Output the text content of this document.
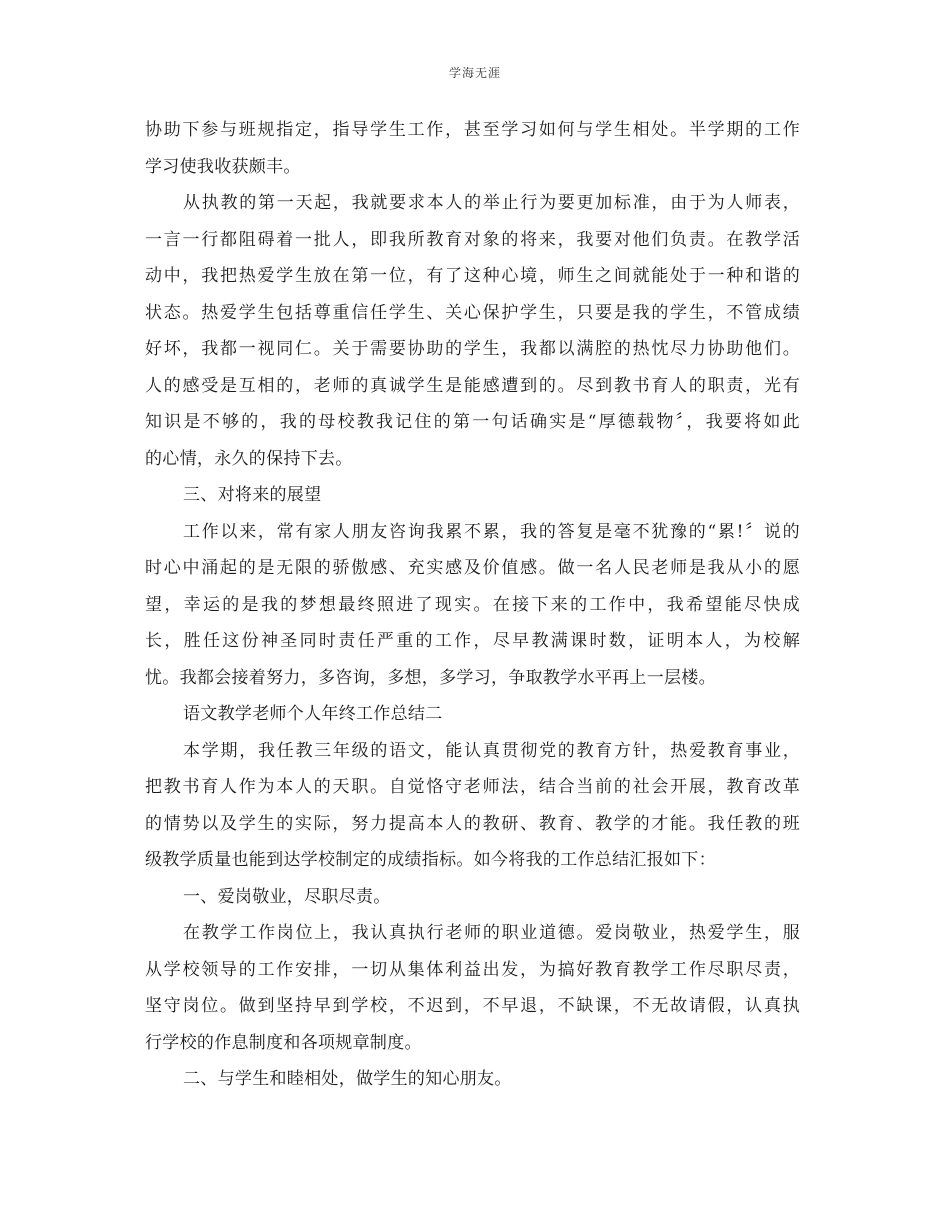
学海无涯
协助下参与班规指定，指导学生工作，甚至学习如何与学生相处。半学期的工作
学习使我收获颇丰。
从执教的第一天起，我就要求本人的举止行为要更加标准，由于为人师表，
一言一行都阻碍着一批人，即我所教育对象的将来，我要对他们负责。在教学活
动中，我把热爱学生放在第一位，有了这种心境，师生之间就能处于一种和谐的
状态。热爱学生包括尊重信任学生、关心保护学生，只要是我的学生，不管成绩
好坏，我都一视同仁。关于需要协助的学生，我都以满腔的热忱尽力协助他们。
人的感受是互相的，老师的真诚学生是能感遭到的。尽到教书育人的职责，光有
知识是不够的，我的母校教我记住的第一句话确实是“厚德载物〞，我要将如此
的心情，永久的保持下去。
三、对将来的展望
工作以来，常有家人朋友咨询我累不累，我的答复是毫不犹豫的“累!〞说的
时心中涌起的是无限的骄傲感、充实感及价值感。做一名人民老师是我从小的愿
望，幸运的是我的梦想最终照进了现实。在接下来的工作中，我希望能尽快成
长，胜任这份神圣同时责任严重的工作，尽早教满课时数，证明本人，为校解
忧。我都会接着努力，多咨询，多想，多学习，争取教学水平再上一层楼。
语文教学老师个人年终工作总结二
本学期，我任教三年级的语文，能认真贯彻党的教育方针，热爱教育事业，
把教书育人作为本人的天职。自觉恪守老师法，结合当前的社会开展，教育改革
的情势以及学生的实际，努力提高本人的教研、教育、教学的才能。我任教的班
级教学质量也能到达学校制定的成绩指标。如今将我的工作总结汇报如下：
一、爱岗敬业，尽职尽责。
在教学工作岗位上，我认真执行老师的职业道德。爱岗敬业，热爱学生，服
从学校领导的工作安排，一切从集体利益出发，为搞好教育教学工作尽职尽责，
坚守岗位。做到坚持早到学校，不迟到，不早退，不缺课，不无故请假，认真执
行学校的作息制度和各项规章制度。
二、与学生和睦相处，做学生的知心朋友。
